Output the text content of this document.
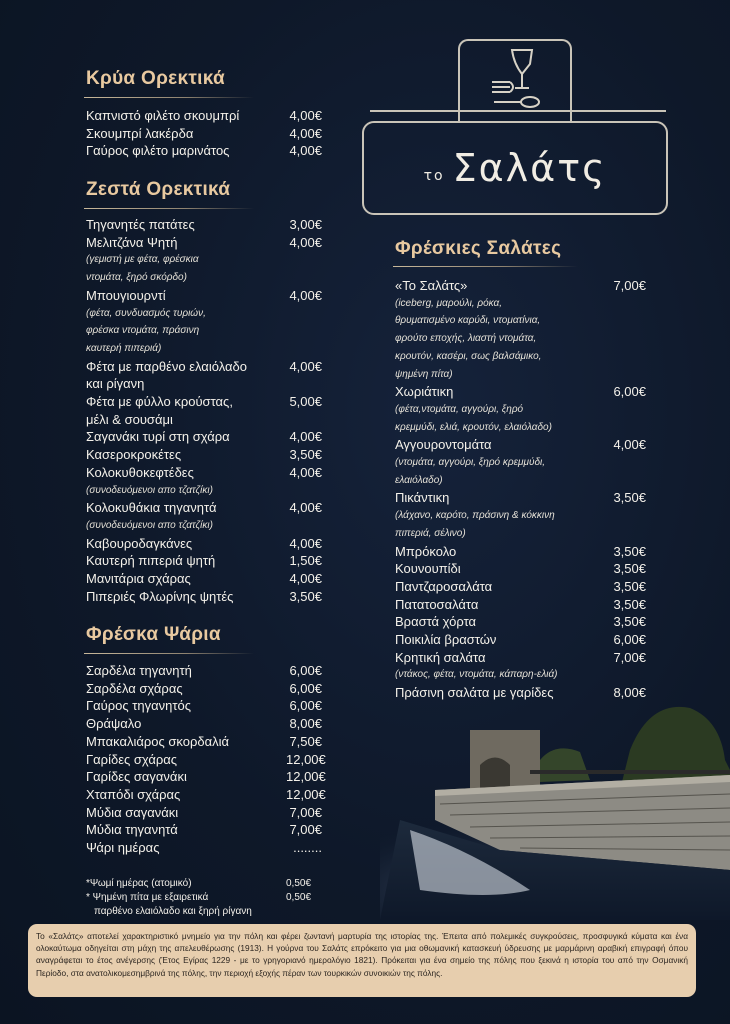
το Σαλάτς
Κρύα Ορεκτικά
Καπνιστό φιλέτο σκουμπρί	4,00€
Σκουμπρί λακέρδα	4,00€
Γαύρος φιλέτο μαρινάτος	4,00€
Ζεστά Ορεκτικά
Τηγανητές πατάτες	3,00€
Μελιτζάνα Ψητή	4,00€
(γεμιστή με φέτα, φρέσκια
ντομάτα, ξηρό σκόρδο)
Μπουγιουρντί	4,00€
(φέτα, συνδυασμός τυριών,
φρέσκα ντομάτα, πράσινη
καυτερή πιπεριά)
Φέτα με παρθένο ελαιόλαδο
και ρίγανη
4,00€
Φέτα με φύλλο κρούστας,
μέλι & σουσάμι
5,00€
Σαγανάκι τυρί στη σχάρα	4,00€
Κασεροκροκέτες	3,50€
Κολοκυθοκεφτέδες	4,00€
(συνοδευόμενοι απο τζατζίκι)
Κολοκυθάκια τηγανητά	4,00€
(συνοδευόμενοι απο τζατζίκι)
Καβουροδαγκάνες	4,00€
Καυτερή πιπεριά ψητή	1,50€
Μανιτάρια σχάρας	4,00€
Πιπεριές Φλωρίνης ψητές	3,50€
Φρέσκα Ψάρια
Σαρδέλα τηγανητή	6,00€
Σαρδέλα σχάρας	6,00€
Γαύρος τηγανητός	6,00€
Θράψαλο	8,00€
Μπακαλιάρος σκορδαλιά	7,50€
Γαρίδες σχάρας	12,00€
Γαρίδες σαγανάκι	12,00€
Χταπόδι σχάρας	12,00€
Μύδια σαγανάκι	7,00€
Μύδια τηγανητά	7,00€
Ψάρι ημέρας	........
*Ψωμί ημέρας (ατομικό)	0,50€
* Ψημένη πίτα με εξαιρετικά	0,50€
παρθένο ελαιόλαδο και ξηρή ρίγανη
Φρέσκιες Σαλάτες
«Το Σαλάτς»	7,00€
(iceberg, μαρούλι, ρόκα,
θρυματισμένο καρύδι, ντοματίνια,
φρούτο εποχής, λιαστή ντομάτα,
κρουτόν, κασέρι, σως βαλσάμικο,
ψημένη πίτα)
Χωριάτικη	6,00€
(φέτα,ντομάτα, αγγούρι, ξηρό
κρεμμύδι, ελιά, κρουτόν, ελαιόλαδο)
Αγγουροντομάτα	4,00€
(ντομάτα, αγγούρι, ξηρό κρεμμύδι,
ελαιόλαδο)
Πικάντικη	3,50€
(λάχανο, καρότο, πράσινη & κόκκινη
πιπεριά, σέλινο)
Μπρόκολο	3,50€
Κουνουπίδι	3,50€
Παντζαροσαλάτα	3,50€
Πατατοσαλάτα	3,50€
Βραστά χόρτα	3,50€
Ποικιλία βραστών	6,00€
Κρητική σαλάτα	7,00€
(ντάκος, φέτα, ντομάτα, κάπαρη-ελιά)
Πράσινη σαλάτα με γαρίδες	8,00€
Το «Σαλάτς» αποτελεί χαρακτηριστικό μνημείο για την πόλη και φέρει ζωντανή μαρτυρία της ιστορίας της. Έπειτα από πολεμικές συγκρούσεις, προσφυγικά κύματα και ένα ολοκαύτωμα οδηγείται στη μάχη της απελευθέρωσης (1913). Η γούρνα του Σαλάτς επρόκειτο για μια οθωμανική κατασκευή ύδρευσης με μαρμάρινη αραβική επιγραφή όπου αναγράφεται το έτος ανέγερσης (Έτος Εγίρας 1229 - με το γρηγοριανό ημερολόγιο 1821). Πρόκειται για ένα σημείο της πόλης που ξεκινά η ιστορία του από την Οσμανική Περίοδο, στα ανατολικομεσημβρινά της πόλης, την περιοχή εξοχής πέραν των τουρκικών συνοικιών της πόλης.
